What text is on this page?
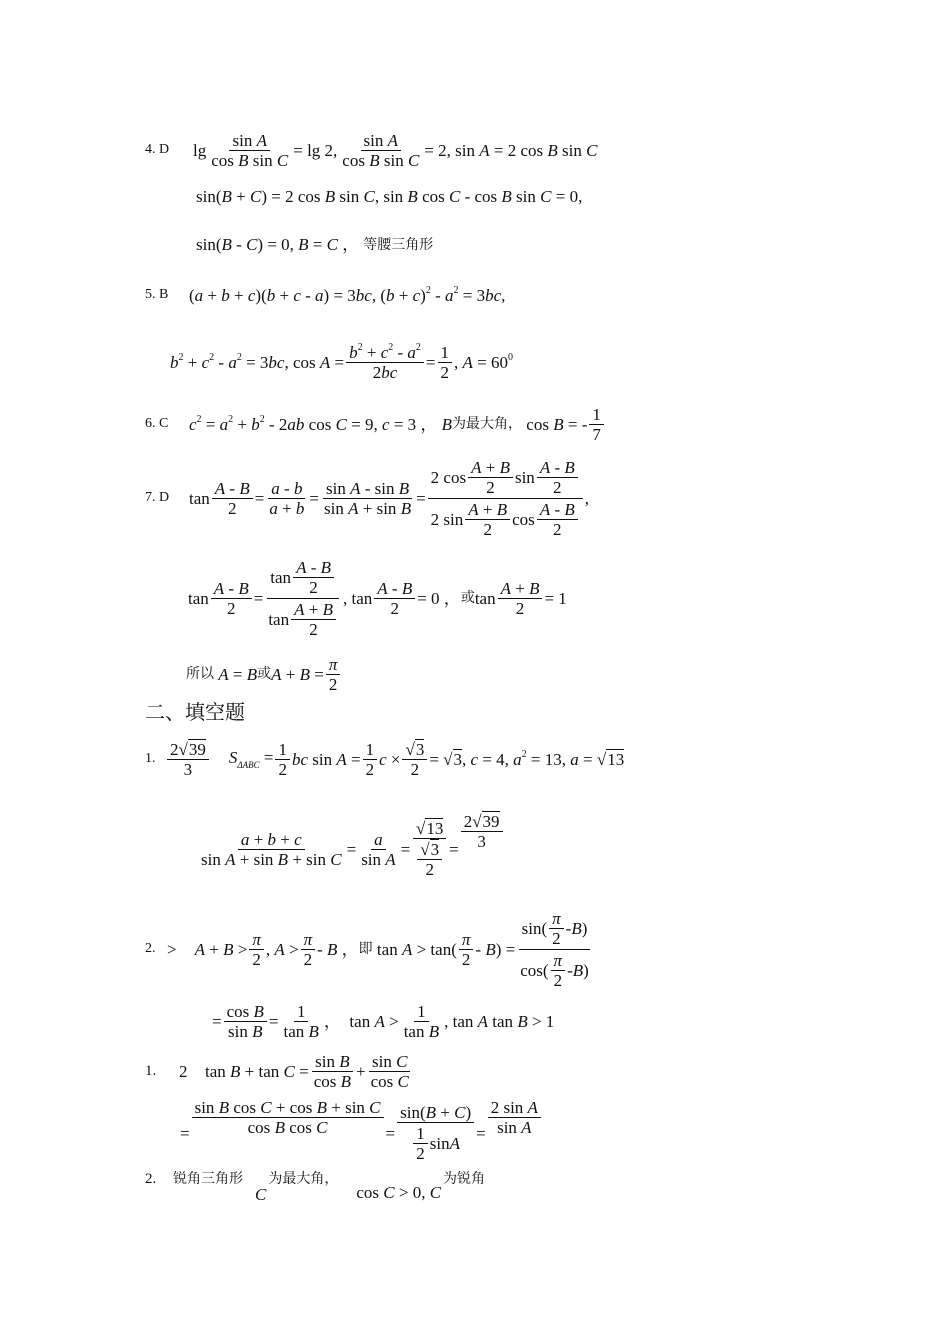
4. D	$\lg \frac{\text{sin A}}{\text{cos B sin C}} = \lg 2$, $\frac{\text{sin A}}{\text{cos B sin C}} = 2$, sin A = 2 cos B sin C
sin(B + C) = 2 cos B sin C, sin B cos C - cos B sin C = 0,
sin(B - C) = 0, B = C ， 等腰三角形
5. B	(a + b + c)(b + c - a) = 3bc, $(b + c)^2 - a^2 = 3bc$,
$b^2 + c^2 - a^2 = 3bc$, $\cos A = \frac{b^2 + c^2 - a^2}{2bc} = \frac{1}{2}$ , $A = 60^0$
6. C	$c^2 = a^2 + b^2 - 2ab$ cos C = 9, c = 3 ， B 为最大角， cos B = - $\frac{1}{7}$
7. D	$\tan \frac{A - B}{2} = \frac{a - b}{a + b} = \frac{\text{sin A - sin B}}{\text{sin A + sin B}} = \frac{2 \cos \frac{A + B}{2} \sin \frac{A - B}{2}}{2 \sin \frac{A + B}{2} \cos \frac{A - B}{2}}$ ,
$\tan \frac{A - B}{2} = \frac{\tan \frac{A - B}{2}}{\tan \frac{A + B}{2}}$ , $\tan \frac{A - B}{2} = 0$ ， 或 $\tan \frac{A + B}{2} = 1$
所以 A = B 或 $A + B = \frac{\pi}{2}$
二、填空题
1. $\frac{2√39}{3} S_{\Delta ABC} = \frac{1}{2}$ bc $\sin A = \frac{1}{2}$ $c \times \frac{√3}{2} = √3$, c = 4, $a^2 = 13$, a = √13
$\frac{a + b + c}{\text{sin A + sin B + sin C}} = \frac{a}{\text{sin A}} = \frac{√13}{\frac{√3}{2}} = \frac{2√39}{3}$
2. > $A + B > \frac{\pi}{2}$ , $A > \frac{\pi}{2} - B$ ， 即 $\tan A > \tan( \frac{\pi}{2} - B) = \frac{\sin( \frac{\pi}{2} - B )}{\cos( \frac{\pi}{2} - B )}$
= $\frac{\text{cos B}}{\text{sin B}} = \frac{1}{\text{tan B}}$ ，  $\tan A > \frac{1}{\text{tan B}}$ , tan A tan B > 1
1.	2	$\tan B + \tan C = \frac{\text{sin B}}{\text{cos B}} + \frac{\text{sin C}}{\text{cos C}}$
= $\frac{\text{sin B cos C + cos B + sin C}}{\text{cos B cos C}} = \frac{\sin(B + C)}{\frac{1}{2} \sin A} = \frac{\text{2 sin A}}{\text{sin A}}$
2.	锐角三角形
C
为最大角，
cos C > 0, C
为锐角
